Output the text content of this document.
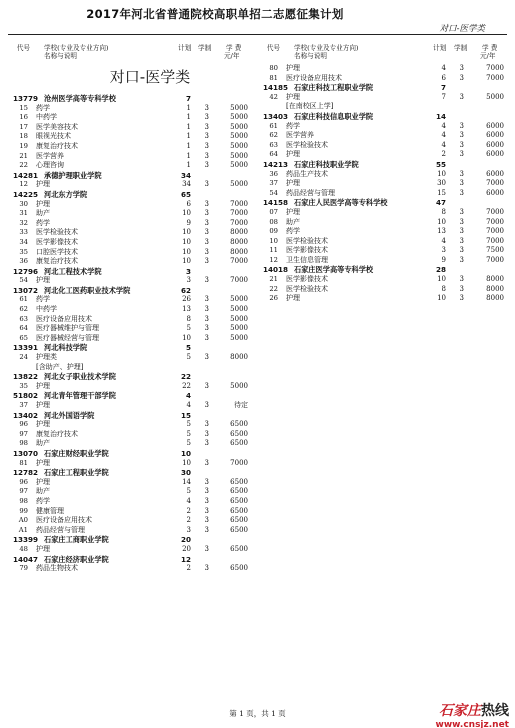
2017年河北省普通院校高职单招二志愿征集计划
对口-医学类
代号 学校(专业及专业方向)
名称与说明
计划 学制 学 费
元/年
对口-医学类
13779 沧州医学高等专科学校	7
15 药学	1	3	5000
16 中药学	1	3	5000
17 医学美容技术	1	3	5000
18 眼视光技术	1	3	5000
19 康复治疗技术	1	3	5000
21 医学营养	1	3	5000
22 心理咨询	1	3	5000
14281 承德护理职业学院	34
12 护理	34	3	5000
14225 河北东方学院	65
30 护理	6	3	7000
31 助产	10	3	7000
32 药学	9	3	7000
33 医学检验技术	10	3	8000
34 医学影像技术	10	3	8000
35 口腔医学技术	10	3	8000
36 康复治疗技术	10	3	7000
12796 河北工程技术学院	3
54 护理	3	3	7000
13072 河北化工医药职业技术学院	62
61 药学	26	3	5000
62 中药学	13	3	5000
63 医疗设备应用技术	8	3	5000
64 医疗器械维护与管理	5	3	5000
65 医疗器械经营与管理	10	3	5000
13391 河北科技学院	5
24 护理类	5	3	8000
[含助产、护理]
13822 河北女子职业技术学院	22
35 护理	22	3	5000
51802 河北青年管理干部学院	4
37 护理	4	3	待定
13402 河北外国语学院	15
96 护理	5	3	6500
97 康复治疗技术	5	3	6500
98 助产	5	3	6500
13070 石家庄财经职业学院	10
81 护理	10	3	7000
12782 石家庄工程职业学院	30
96 护理	14	3	6500
97 助产	5	3	6500
98 药学	4	3	6500
99 健康管理	2	3	6500
A0 医疗设备应用技术	2	3	6500
A1 药品经营与管理	3	3	6500
13399 石家庄工商职业学院	20
48 护理	20	3	6500
14047 石家庄经济职业学院	12
79 药品生物技术	2	3	6500
代号 学校(专业及专业方向)
名称与说明
计划 学制 学 费
元/年
80 护理	4	3	7000
81 医疗设备应用技术	6	3	7000
14185 石家庄科技工程职业学院	7
42 护理	7	3	5000
[在南校区上学]
13403 石家庄科技信息职业学院	14
61 药学	4	3	6000
62 医学营养	4	3	6000
63 医学检验技术	4	3	6000
64 护理	2	3	6000
14213 石家庄科技职业学院	55
36 药品生产技术	10	3	6000
37 护理	30	3	7000
54 药品经营与管理	15	3	6000
14158 石家庄人民医学高等专科学校	47
07 护理	8	3	7000
08 助产	10	3	7000
09 药学	13	3	7000
10 医学检验技术	4	3	7000
11 医学影像技术	3	3	7500
12 卫生信息管理	9	3	7000
14018 石家庄医学高等专科学校	28
21 医学影像技术	10	3	8000
22 医学检验技术	8	3	8000
26 护理	10	3	8000
第 1 页，共 1 页	石家庄热线
www.cnsjz.net
